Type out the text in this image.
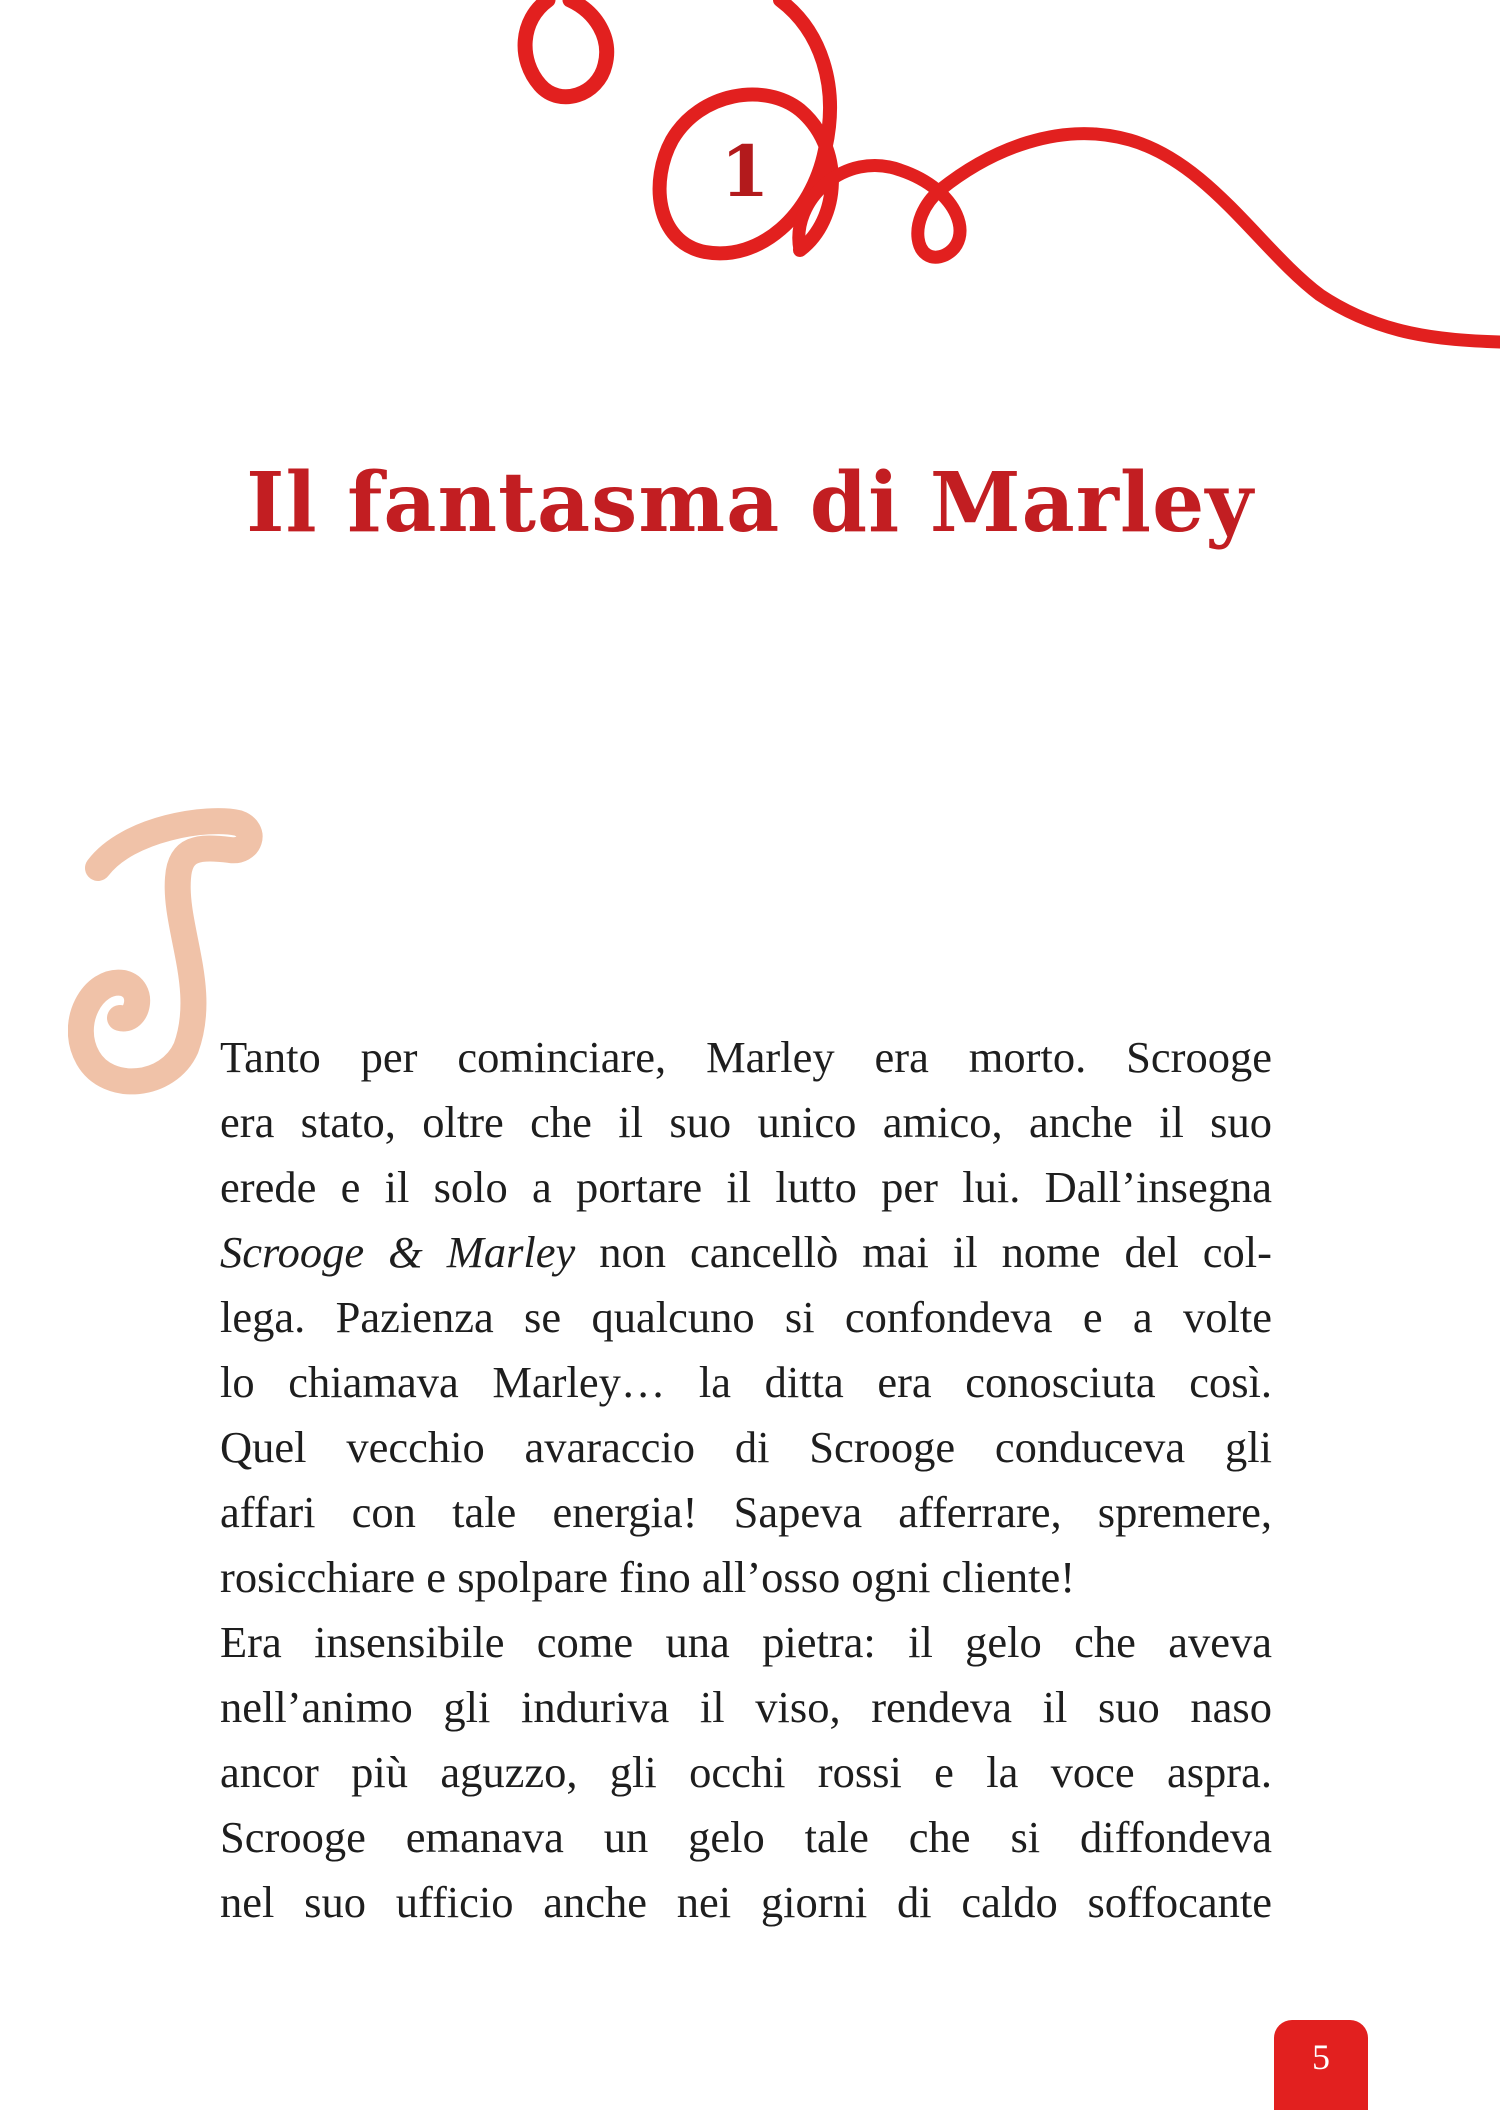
1
Il fantasma di Marley
Tanto per cominciare, Marley era morto. Scrooge
era stato, oltre che il suo unico amico, anche il suo
erede e il solo a portare il lutto per lui. Dall’insegna
Scrooge & Marley non cancellò mai il nome del col-
lega. Pazienza se qualcuno si confondeva e a volte
lo chiamava Marley… la ditta era conosciuta così.
Quel vecchio avaraccio di Scrooge conduceva gli
affari con tale energia! Sapeva afferrare, spremere,
rosicchiare e spolpare fino all’osso ogni cliente!
Era insensibile come una pietra: il gelo che aveva
nell’animo gli induriva il viso, rendeva il suo naso
ancor più aguzzo, gli occhi rossi e la voce aspra.
Scrooge emanava un gelo tale che si diffondeva
nel suo ufficio anche nei giorni di caldo soffocante
5
